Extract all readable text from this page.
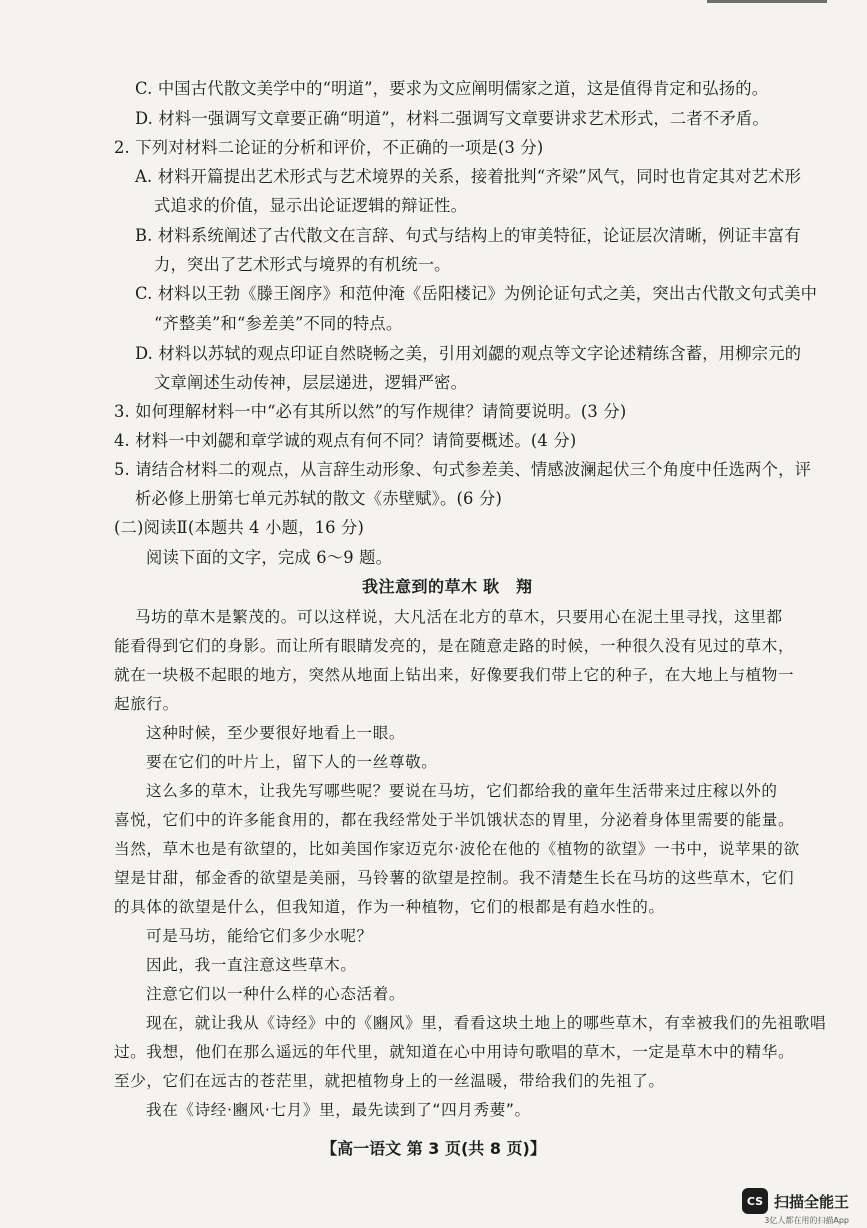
C. 中国古代散文美学中的“明道”，要求为文应阐明儒家之道，这是值得肯定和弘扬的。
D. 材料一强调写文章要正确“明道”，材料二强调写文章要讲求艺术形式，二者不矛盾。
2. 下列对材料二论证的分析和评价，不正确的一项是(3 分)
A. 材料开篇提出艺术形式与艺术境界的关系，接着批判“齐梁”风气，同时也肯定其对艺术形
式追求的价值，显示出论证逻辑的辩证性。
B. 材料系统阐述了古代散文在言辞、句式与结构上的审美特征，论证层次清晰，例证丰富有
力，突出了艺术形式与境界的有机统一。
C. 材料以王勃《滕王阁序》和范仲淹《岳阳楼记》为例论证句式之美，突出古代散文句式美中
“齐整美”和“参差美”不同的特点。
D. 材料以苏轼的观点印证自然晓畅之美，引用刘勰的观点等文字论述精练含蓄，用柳宗元的
文章阐述生动传神，层层递进，逻辑严密。
3. 如何理解材料一中“必有其所以然”的写作规律？请简要说明。(3 分)
4. 材料一中刘勰和章学诚的观点有何不同？请简要概述。(4 分)
5. 请结合材料二的观点，从言辞生动形象、句式参差美、情感波澜起伏三个角度中任选两个，评
析必修上册第七单元苏轼的散文《赤壁赋》。(6 分)
(二)阅读Ⅱ(本题共 4 小题，16 分)
阅读下面的文字，完成 6～9 题。
我注意到的草木 耿　翔
马坊的草木是繁茂的。可以这样说，大凡活在北方的草木，只要用心在泥土里寻找，这里都
能看得到它们的身影。而让所有眼睛发亮的，是在随意走路的时候，一种很久没有见过的草木，
就在一块极不起眼的地方，突然从地面上钻出来，好像要我们带上它的种子，在大地上与植物一
起旅行。
这种时候，至少要很好地看上一眼。
要在它们的叶片上，留下人的一丝尊敬。
这么多的草木，让我先写哪些呢？要说在马坊，它们都给我的童年生活带来过庄稼以外的
喜悦，它们中的许多能食用的，都在我经常处于半饥饿状态的胃里，分泌着身体里需要的能量。
当然，草木也是有欲望的，比如美国作家迈克尔·波伦在他的《植物的欲望》一书中，说苹果的欲
望是甘甜，郁金香的欲望是美丽，马铃薯的欲望是控制。我不清楚生长在马坊的这些草木，它们
的具体的欲望是什么，但我知道，作为一种植物，它们的根都是有趋水性的。
可是马坊，能给它们多少水呢？
因此，我一直注意这些草木。
注意它们以一种什么样的心态活着。
现在，就让我从《诗经》中的《豳风》里，看看这块土地上的哪些草木，有幸被我们的先祖歌唱
过。我想，他们在那么遥远的年代里，就知道在心中用诗句歌唱的草木，一定是草木中的精华。
至少，它们在远古的苍茫里，就把植物身上的一丝温暖，带给我们的先祖了。
我在《诗经·豳风·七月》里，最先读到了“四月秀葽”。
【高一语文 第 3 页(共 8 页)】
CS 扫描全能王
3亿人都在用的扫描App
